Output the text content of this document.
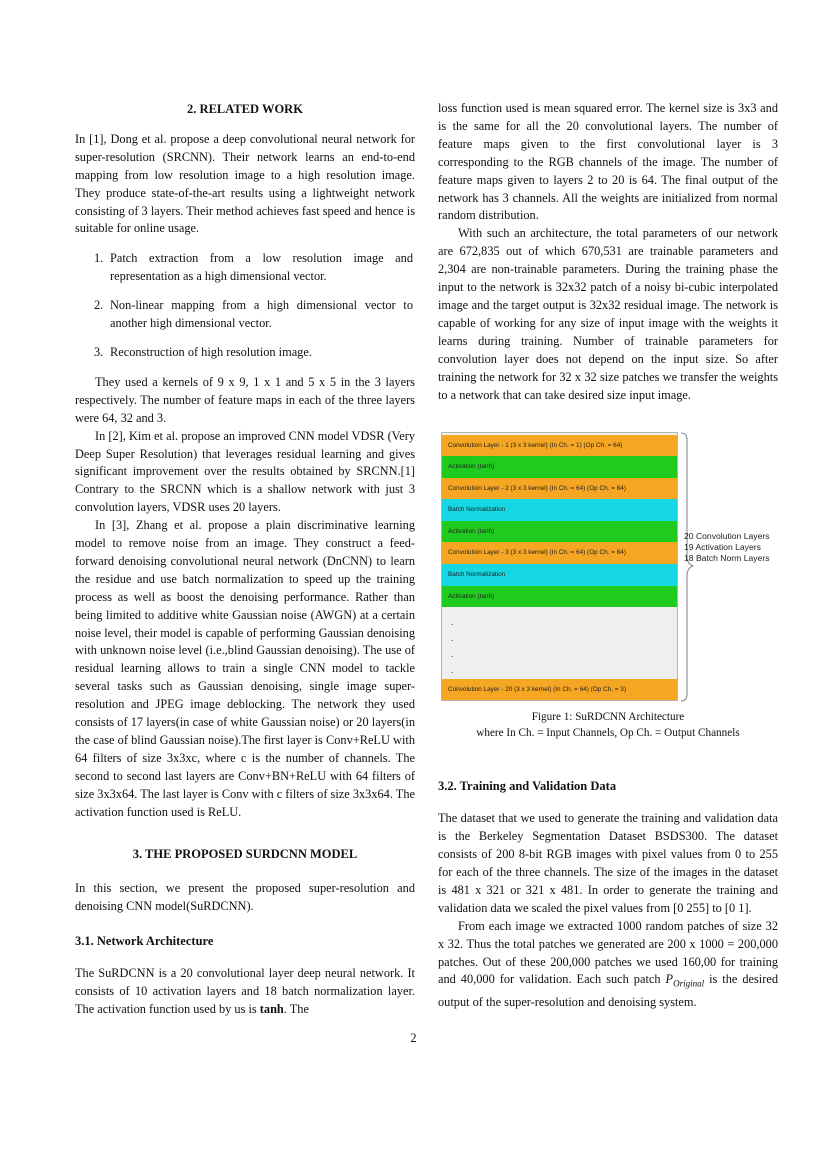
2. RELATED WORK

In [1], Dong et al. propose a deep convolutional neural network for super-resolution (SRCNN). Their network learns an end-to-end mapping from low resolution image to a high resolution image. They produce state-of-the-art results using a lightweight network consisting of 3 layers. Their method achieves fast speed and hence is suitable for online usage.

1. Patch extraction from a low resolution image and representation as a high dimensional vector.
2. Non-linear mapping from a high dimensional vector to another high dimensional vector.
3. Reconstruction of high resolution image.

They used a kernels of 9 x 9, 1 x 1 and 5 x 5 in the 3 layers respectively. The number of feature maps in each of the three layers were 64, 32 and 3.

In [2], Kim et al. propose an improved CNN model VDSR (Very Deep Super Resolution) that leverages residual learning and gives significant improvement over the results obtained by SRCNN.[1] Contrary to the SRCNN which is a shallow network with just 3 convolution layers, VDSR uses 20 layers.

In [3], Zhang et al. propose a plain discriminative learning model to remove noise from an image. They construct a feed-forward denoising convolutional neural network (DnCNN) to learn the residue and use batch normalization to speed up the training process as well as boost the denoising performance. Rather than being limited to additive white Gaussian noise (AWGN) at a certain noise level, their model is capable of performing Gaussian denoising with unknown noise level (i.e.,blind Gaussian denoising). The use of residual learning allows to train a single CNN model to tackle several tasks such as Gaussian denoising, single image super-resolution and JPEG image deblocking. The network they used consists of 17 layers(in case of white Gaussian noise) or 20 layers(in the case of blind Gaussian noise).The first layer is Conv+ReLU with 64 filters of size 3x3xc, where c is the number of channels. The second to second last layers are Conv+BN+ReLU with 64 filters of size 3x3x64. The last layer is Conv with c filters of size 3x3x64. The activation function used is ReLU.

3. THE PROPOSED SURDCNN MODEL

In this section, we present the proposed super-resolution and denoising CNN model(SuRDCNN).

3.1. Network Architecture

The SuRDCNN is a 20 convolutional layer deep neural network. It consists of 10 activation layers and 18 batch normalization layer. The activation function used by us is tanh. The

loss function used is mean squared error. The kernel size is 3x3 and is the same for all the 20 convolutional layers. The number of feature maps given to the first convolutional layer is 3 corresponding to the RGB channels of the image. The number of feature maps given to layers 2 to 20 is 64. The final output of the network has 3 channels. All the weights are initialized from normal random distribution.

With such an architecture, the total parameters of our network are 672,835 out of which 670,531 are trainable parameters and 2,304 are non-trainable parameters. During the training phase the input to the network is 32x32 patch of a noisy bi-cubic interpolated image and the target output is 32x32 residual image. The network is capable of working for any size of input image with the weights it learns during training. Number of trainable parameters for convolution layer does not depend on the input size. So after training the network for 32 x 32 size patches we transfer the weights to a network that can take desired size input image.

Convolution Layer - 1 (3 x 3 kernel) (In Ch. = 1) (Op Ch. = 64)
Activation (tanh)
Convolution Layer - 2 (3 x 3 kernel) (In Ch. = 64) (Op Ch. = 64)
Batch Normalization
Activation (tanh)
Convolution Layer - 3 (3 x 3 kernel) (In Ch. = 64) (Op Ch. = 64)
Batch Normalization
Activation (tanh)
.
.
.
.
Convolution Layer - 20 (3 x 3 kernel) (In Ch. = 64) (Op Ch. = 3)
20 Convolution Layers
19 Activation Layers
18 Batch Norm Layers

Figure 1: SuRDCNN Architecture

where In Ch. = Input Channels, Op Ch. = Output Channels

3.2. Training and Validation Data

The dataset that we used to generate the training and validation data is the Berkeley Segmentation Dataset BSDS300. The dataset consists of 200 8-bit RGB images with pixel values from 0 to 255 for each of the three channels. The size of the images in the dataset is 481 x 321 or 321 x 481. In order to generate the training and validation data we scaled the pixel values from [0 255] to [0 1].

From each image we extracted 1000 random patches of size 32 x 32. Thus the total patches we generated are 200 x 1000 = 200,000 patches. Out of these 200,000 patches we used 160,00 for training and 40,000 for validation. Each such patch $P_{Original}$ is the desired output of the super-resolution and denoising system.

2
